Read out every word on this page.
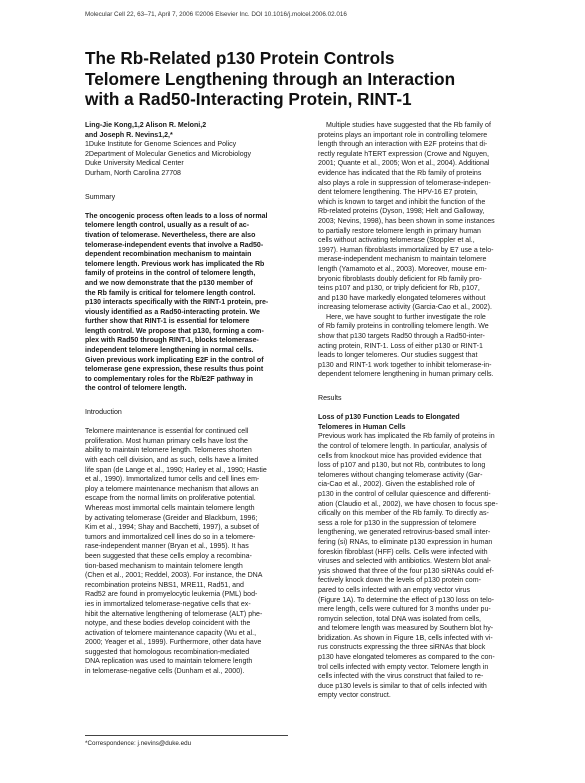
Molecular Cell 22, 63–71, April 7, 2006 ©2006 Elsevier Inc. DOI 10.1016/j.molcel.2006.02.016
The Rb-Related p130 Protein Controls
Telomere Lengthening through an Interaction
with a Rad50-Interacting Protein, RINT-1
Ling-Jie Kong,1,2 Alison R. Meloni,2
and Joseph R. Nevins1,2,*
1Duke Institute for Genome Sciences and Policy
2Department of Molecular Genetics and Microbiology
Duke University Medical Center
Durham, North Carolina 27708
Summary
The oncogenic process often leads to a loss of normal
telomere length control, usually as a result of ac-
tivation of telomerase. Nevertheless, there are also
telomerase-independent events that involve a Rad50-
dependent recombination mechanism to maintain
telomere length. Previous work has implicated the Rb
family of proteins in the control of telomere length,
and we now demonstrate that the p130 member of
the Rb family is critical for telomere length control.
p130 interacts specifically with the RINT-1 protein, pre-
viously identified as a Rad50-interacting protein. We
further show that RINT-1 is essential for telomere
length control. We propose that p130, forming a com-
plex with Rad50 through RINT-1, blocks telomerase-
independent telomere lengthening in normal cells.
Given previous work implicating E2F in the control of
telomerase gene expression, these results thus point
to complementary roles for the Rb/E2F pathway in
the control of telomere length.
Introduction
Telomere maintenance is essential for continued cell
proliferation. Most human primary cells have lost the
ability to maintain telomere length. Telomeres shorten
with each cell division, and as such, cells have a limited
life span (de Lange et al., 1990; Harley et al., 1990; Hastie
et al., 1990). Immortalized tumor cells and cell lines em-
ploy a telomere maintenance mechanism that allows an
escape from the normal limits on proliferative potential.
Whereas most immortal cells maintain telomere length
by activating telomerase (Greider and Blackburn, 1996;
Kim et al., 1994; Shay and Bacchetti, 1997), a subset of
tumors and immortalized cell lines do so in a telomere-
rase-independent manner (Bryan et al., 1995). It has
been suggested that these cells employ a recombina-
tion-based mechanism to maintain telomere length
(Chen et al., 2001; Reddel, 2003). For instance, the DNA
recombination proteins NBS1, MRE11, Rad51, and
Rad52 are found in promyelocytic leukemia (PML) bod-
ies in immortalized telomerase-negative cells that ex-
hibit the alternative lengthening of telomerase (ALT) phe-
notype, and these bodies develop coincident with the
activation of telomere maintenance capacity (Wu et al.,
2000; Yeager et al., 1999). Furthermore, other data have
suggested that homologous recombination-mediated
DNA replication was used to maintain telomere length
in telomerase-negative cells (Dunham et al., 2000).
Multiple studies have suggested that the Rb family of
proteins plays an important role in controlling telomere
length through an interaction with E2F proteins that di-
rectly regulate hTERT expression (Crowe and Nguyen,
2001; Quante et al., 2005; Won et al., 2004). Additional
evidence has indicated that the Rb family of proteins
also plays a role in suppression of telomerase-indepen-
dent telomere lengthening. The HPV-16 E7 protein,
which is known to target and inhibit the function of the
Rb-related proteins (Dyson, 1998; Helt and Galloway,
2003; Nevins, 1998), has been shown in some instances
to partially restore telomere length in primary human
cells without activating telomerase (Stoppler et al.,
1997). Human fibroblasts immortalized by E7 use a telo-
merase-independent mechanism to maintain telomere
length (Yamamoto et al., 2003). Moreover, mouse em-
bryonic fibroblasts doubly deficient for Rb family pro-
teins p107 and p130, or triply deficient for Rb, p107,
and p130 have markedly elongated telomeres without
increasing telomerase activity (Garcia-Cao et al., 2002).
Here, we have sought to further investigate the role
of Rb family proteins in controlling telomere length. We
show that p130 targets Rad50 through a Rad50-inter-
acting protein, RINT-1. Loss of either p130 or RINT-1
leads to longer telomeres. Our studies suggest that
p130 and RINT-1 work together to inhibit telomerase-in-
dependent telomere lengthening in human primary cells.
Results
Loss of p130 Function Leads to Elongated
Telomeres in Human Cells
Previous work has implicated the Rb family of proteins in
the control of telomere length. In particular, analysis of
cells from knockout mice has provided evidence that
loss of p107 and p130, but not Rb, contributes to long
telomeres without changing telomerase activity (Gar-
cia-Cao et al., 2002). Given the established role of
p130 in the control of cellular quiescence and differenti-
ation (Claudio et al., 2002), we have chosen to focus spe-
cifically on this member of the Rb family. To directly as-
sess a role for p130 in the suppression of telomere
lengthening, we generated retrovirus-based small inter-
fering (si) RNAs, to eliminate p130 expression in human
foreskin fibroblast (HFF) cells. Cells were infected with
viruses and selected with antibiotics. Western blot anal-
ysis showed that three of the four p130 siRNAs could ef-
fectively knock down the levels of p130 protein com-
pared to cells infected with an empty vector virus
(Figure 1A). To determine the effect of p130 loss on telo-
mere length, cells were cultured for 3 months under pu-
romycin selection, total DNA was isolated from cells,
and telomere length was measured by Southern blot hy-
bridization. As shown in Figure 1B, cells infected with vi-
rus constructs expressing the three siRNAs that block
p130 have elongated telomeres as compared to the con-
trol cells infected with empty vector. Telomere length in
cells infected with the virus construct that failed to re-
duce p130 levels is similar to that of cells infected with
empty vector construct.
*Correspondence: j.nevins@duke.edu
